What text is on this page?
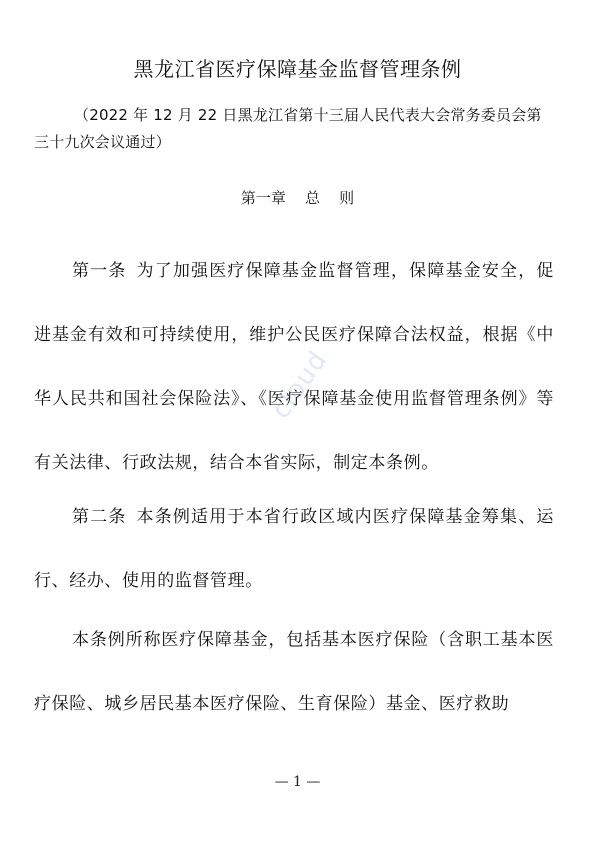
黑龙江省医疗保障基金监督管理条例
（2022 年 12 月 22 日黑龙江省第十三届人民代表大会常务委员会第三十九次会议通过）
第一章    总    则
第一条 为了加强医疗保障基金监督管理，保障基金安全，促进基金有效和可持续使用，维护公民医疗保障合法权益，根据《中华人民共和国社会保险法》、《医疗保障基金使用监督管理条例》等有关法律、行政法规，结合本省实际，制定本条例。
第二条 本条例适用于本省行政区域内医疗保障基金筹集、运行、经办、使用的监督管理。
本条例所称医疗保障基金，包括基本医疗保险（含职工基本医疗保险、城乡居民基本医疗保险、生育保险）基金、医疗救助
cloud
— 1 —
